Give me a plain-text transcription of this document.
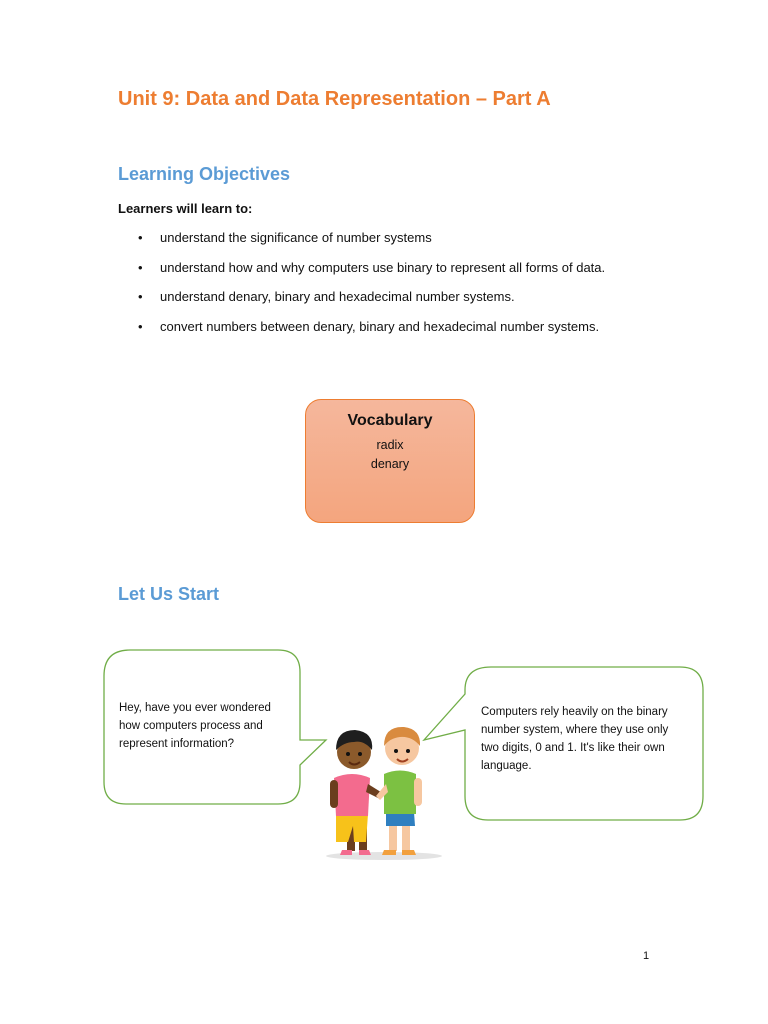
Unit 9: Data and Data Representation – Part A
Learning Objectives

Learners will learn to:

• understand the significance of number systems
• understand how and why computers use binary to represent all forms of data.
• understand denary, binary and hexadecimal number systems.
• convert numbers between denary, binary and hexadecimal number systems.
Vocabulary
radix
denary
Let Us Start
Hey, have you ever wondered how computers process and represent information?
Computers rely heavily on the binary number system, where they use only two digits, 0 and 1. It's like their own language.
1
